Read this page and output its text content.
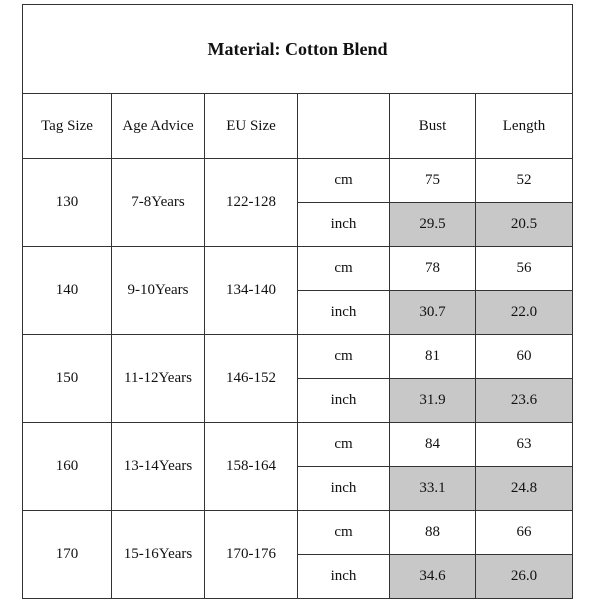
Material: Cotton Blend					
Tag Size	Age Advice	EU Size		Bust	Length
130	7-8Years	122-128	cm	75	52
			inch	29.5	20.5
140	9-10Years	134-140	cm	78	56
			inch	30.7	22.0
150	11-12Years	146-152	cm	81	60
			inch	31.9	23.6
160	13-14Years	158-164	cm	84	63
			inch	33.1	24.8
170	15-16Years	170-176	cm	88	66
			inch	34.6	26.0
